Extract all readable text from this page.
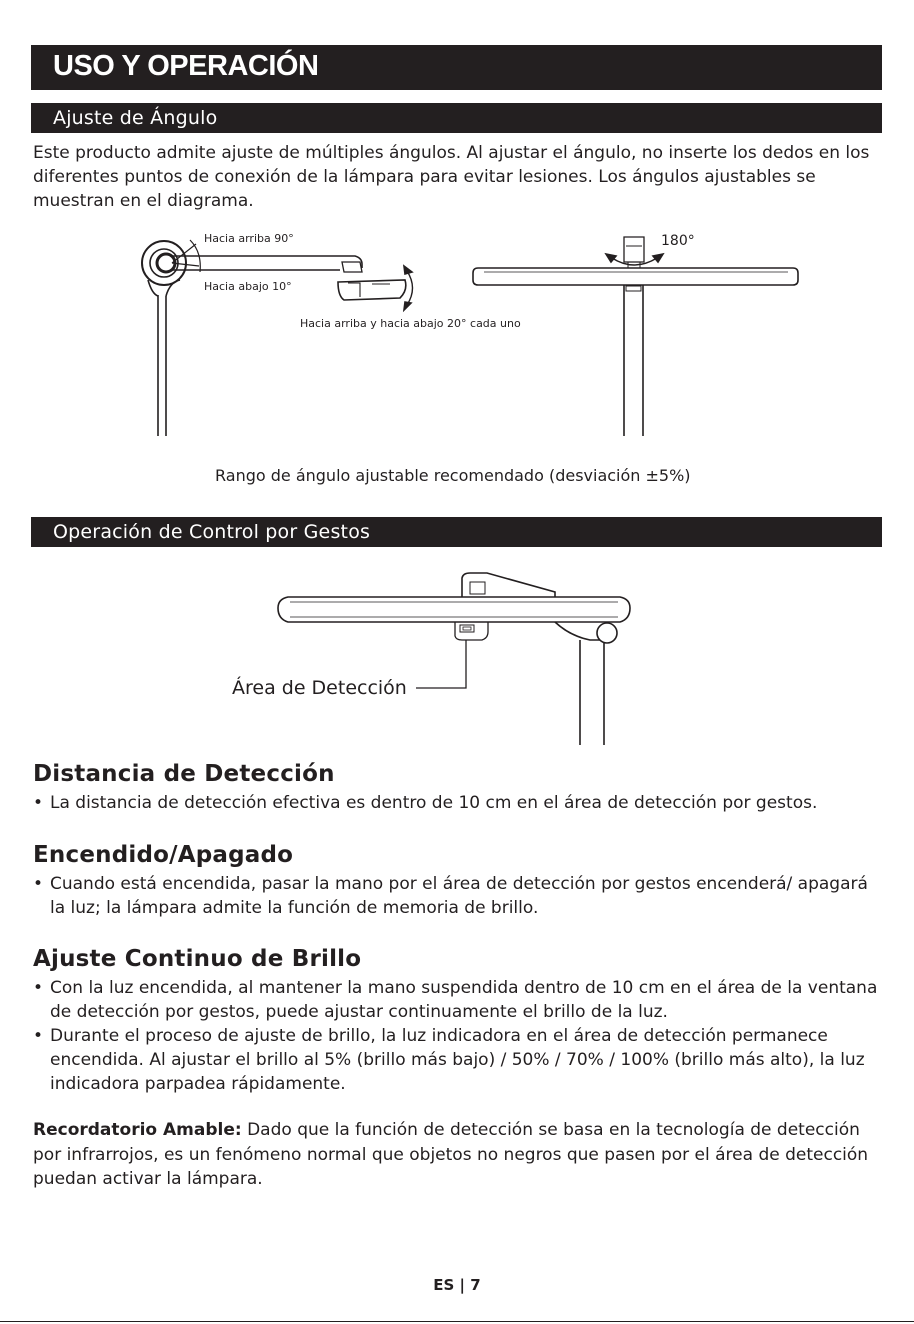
USO Y OPERACIÓN
Ajuste de Ángulo
Este producto admite ajuste de múltiples ángulos. Al ajustar el ángulo, no inserte los dedos en los diferentes puntos de conexión de la lámpara para evitar lesiones. Los ángulos ajustables se muestran en el diagrama.
Hacia arriba 90°
Hacia abajo 10°
Hacia arriba y hacia abajo 20° cada uno
180°
Rango de ángulo ajustable recomendado (desviación ±5%)
Operación de Control por Gestos
Área de Detección
Distancia de Detección
• La distancia de detección efectiva es dentro de 10 cm en el área de detección por gestos.
Encendido/Apagado
• Cuando está encendida, pasar la mano por el área de detección por gestos encenderá/ apagará la luz; la lámpara admite la función de memoria de brillo.
Ajuste Continuo de Brillo
• Con la luz encendida, al mantener la mano suspendida dentro de 10 cm en el área de la ventana de detección por gestos, puede ajustar continuamente el brillo de la luz.
• Durante el proceso de ajuste de brillo, la luz indicadora en el área de detección permanece encendida. Al ajustar el brillo al 5% (brillo más bajo) / 50% / 70% / 100% (brillo más alto), la luz indicadora parpadea rápidamente.
Recordatorio Amable: Dado que la función de detección se basa en la tecnología de detección por infrarrojos, es un fenómeno normal que objetos no negros que pasen por el área de detección puedan activar la lámpara.
ES | 7
